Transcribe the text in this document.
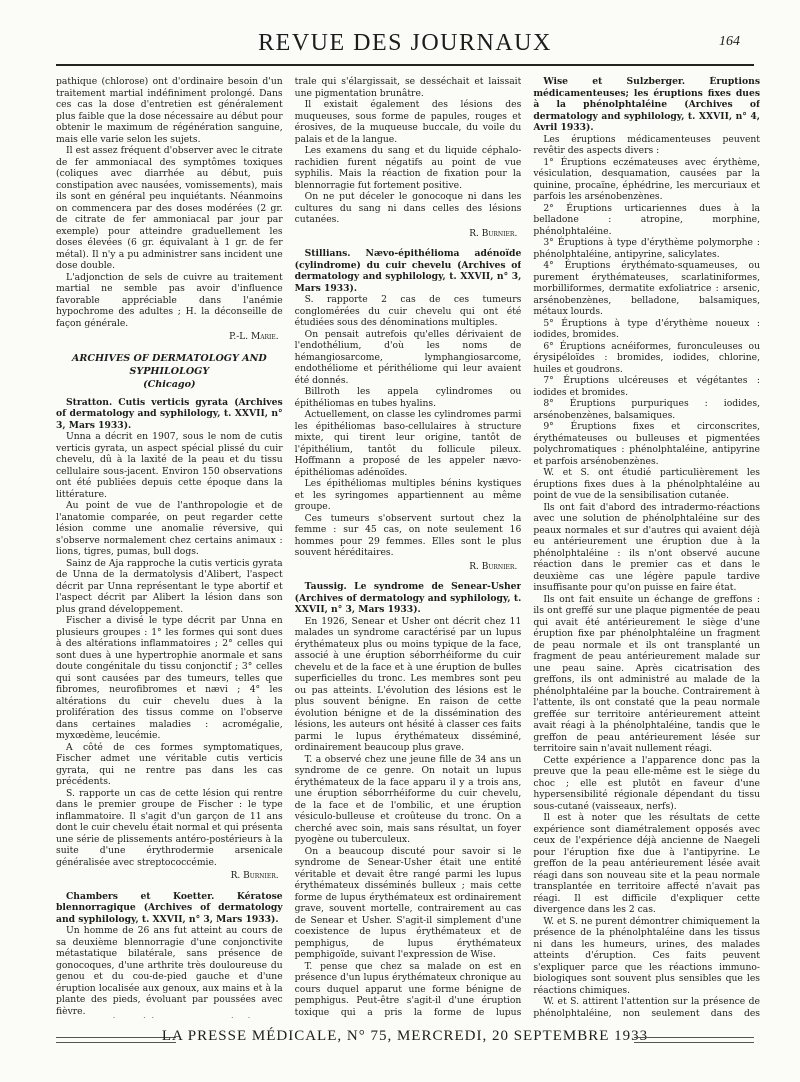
REVUE DES JOURNAUX	164

pathique (chlorose) ont d'ordinaire besoin d'un traitement martial indéfiniment prolongé. Dans ces cas la dose d'entretien est généralement plus faible que la dose nécessaire au début pour obtenir le maximum de régénération sanguine, mais elle varie selon les sujets.

Il est assez fréquent d'observer avec le citrate de fer ammoniacal des symptômes toxiques (coliques avec diarrhée au début, puis constipation avec nausées, vomissements), mais ils sont en général peu inquiétants. Néanmoins on commencera par des doses modérées (2 gr. de citrate de fer ammoniacal par jour par exemple) pour atteindre graduellement les doses élevées (6 gr. équivalant à 1 gr. de fer métal). Il n'y a pu administrer sans incident une dose double.

L'adjonction de sels de cuivre au traitement martial ne semble pas avoir d'influence favorable appréciable dans l'anémie hypochrome des adultes ; H. la déconseille de façon générale.

P.-L. Marie.

ARCHIVES OF DERMATOLOGY AND SYPHILOLOGY
(Chicago)

Stratton. Cutis verticis gyrata (Archives of dermatology and syphilology, t. XXVII, n° 3, Mars 1933).

Unna a décrit en 1907, sous le nom de cutis verticis gyrata, un aspect spécial plissé du cuir chevelu, dû à la laxité de la peau et du tissu cellulaire sous-jacent. Environ 150 observations ont été publiées depuis cette époque dans la littérature.

Au point de vue de l'anthropologie et de l'anatomie comparée, on peut regarder cette lésion comme une anomalie réversive, qui s'observe normalement chez certains animaux : lions, tigres, pumas, bull dogs.

Sainz de Aja rapproche la cutis verticis gyrata de Unna de la dermatolysis d'Alibert, l'aspect décrit par Unna représentant le type abortif et l'aspect décrit par Alibert la lésion dans son plus grand développement.

Fischer a divisé le type décrit par Unna en plusieurs groupes : 1° les formes qui sont dues à des altérations inflammatoires ; 2° celles qui sont dues à une hypertrophie anormale et sans doute congénitale du tissu conjonctif ; 3° celles qui sont causées par des tumeurs, telles que fibromes, neurofibromes et nævi ; 4° les altérations du cuir chevelu dues à la prolifération des tissus comme on l'observe dans certaines maladies : acromégalie, myxœdème, leucémie.

A côté de ces formes symptomatiques, Fischer admet une véritable cutis verticis gyrata, qui ne rentre pas dans les cas précédents.

S. rapporte un cas de cette lésion qui rentre dans le premier groupe de Fischer : le type inflammatoire. Il s'agit d'un garçon de 11 ans dont le cuir chevelu était normal et qui présenta une série de plissements antéro-postérieurs à la suite d'une érythrodermie arsenicale généralisée avec streptococcémie.

R. Burnier.

Chambers et Koetter. Kératose blennorragique (Archives of dermatology and syphilology, t. XXVII, n° 3, Mars 1933).

Un homme de 26 ans fut atteint au cours de sa deuxième blennorragie d'une conjonctivite métastatique bilatérale, sans présence de gonocoques, d'une arthrite très douloureuse du genou et du cou-de-pied gauche et d'une éruption localisée aux genoux, aux mains et à la plante des pieds, évoluant par poussées avec fièvre.

trale qui s'élargissait, se desséchait et laissait une pigmentation brunâtre.

Il existait également des lésions des muqueuses, sous forme de papules, rouges et érosives, de la muqueuse buccale, du voile du palais et de la langue.

Les examens du sang et du liquide céphalo-rachidien furent négatifs au point de vue syphilis. Mais la réaction de fixation pour la blennorragie fut fortement positive.

On ne put déceler le gonocoque ni dans les cultures du sang ni dans celles des lésions cutanées.

R. Burnier.

Stillians. Nævo-épithélioma adénoïde (cylindrome) du cuir chevelu (Archives of dermatology and syphilology, t. XXVII, n° 3, Mars 1933).

S. rapporte 2 cas de ces tumeurs conglomérées du cuir chevelu qui ont été étudiées sous des dénominations multiples.

On pensait autrefois qu'elles dérivaient de l'endothélium, d'où les noms de hémangiosarcome, lymphangiosarcome, endothéliome et périthéliome qui leur avaient été donnés.

Billroth les appela cylindromes ou épithéliomas en tubes hyalins.

Actuellement, on classe les cylindromes parmi les épithéliomas baso-cellulaires à structure mixte, qui tirent leur origine, tantôt de l'épithélium, tantôt du follicule pileux. Hoffmann a proposé de les appeler nævo-épithéliomas adénoïdes.

Les épithéliomas multiples bénins kystiques et les syringomes appartiennent au même groupe.

Ces tumeurs s'observent surtout chez la femme : sur 45 cas, on note seulement 16 hommes pour 29 femmes. Elles sont le plus souvent héréditaires.

R. Burnier.

Taussig. Le syndrome de Senear-Usher (Archives of dermatology and syphilology, t. XXVII, n° 3, Mars 1933).

En 1926, Senear et Usher ont décrit chez 11 malades un syndrome caractérisé par un lupus érythémateux plus ou moins typique de la face, associé à une éruption séborrhéiforme du cuir chevelu et de la face et à une éruption de bulles superficielles du tronc. Les membres sont peu ou pas atteints. L'évolution des lésions est le plus souvent bénigne. En raison de cette évolution bénigne et de la dissémination des lésions, les auteurs ont hésité à classer ces faits parmi le lupus érythémateux disséminé, ordinairement beaucoup plus grave.

T. a observé chez une jeune fille de 34 ans un syndrome de ce genre. On notait un lupus érythémateux de la face apparu il y a trois ans, une éruption séborrhéiforme du cuir chevelu, de la face et de l'ombilic, et une éruption vésiculo-bulleuse et croûteuse du tronc. On a cherché avec soin, mais sans résultat, un foyer pyogène ou tuberculeux.

On a beaucoup discuté pour savoir si le syndrome de Senear-Usher était une entité véritable et devait être rangé parmi les lupus érythémateux disséminés bulleux ; mais cette forme de lupus érythémateux est ordinairement grave, souvent mortelle, contrairement au cas de Senear et Usher. S'agit-il simplement d'une coexistence de lupus érythémateux et de pemphigus, de lupus érythémateux pemphigoïde, suivant l'expression de Wise.

T. pense que chez sa malade on est en présence d'un lupus érythémateux chronique au cours duquel apparut une forme bénigne de pemphigus. Peut-être s'agit-il d'une éruption toxique qui a pris la forme de lupus

Wise et Sulzberger. Éruptions médicamenteuses; les éruptions fixes dues à la phénolphtaléine (Archives of dermatology and syphilology, t. XXVII, n° 4, Avril 1933).

Les éruptions médicamenteuses peuvent revêtir des aspects divers :

1° Éruptions eczémateuses avec érythème, vésiculation, desquamation, causées par la quinine, procaïne, éphédrine, les mercuriaux et parfois les arsénobenzènes.

2° Éruptions urticariennes dues à la belladone : atropine, morphine, phénolphtaléine.

3° Éruptions à type d'érythème polymorphe : phénolphtaléine, antipyrine, salicylates.

4° Éruptions érythémato-squameuses, ou purement érythémateuses, scarlatiniformes, morbilliformes, dermatite exfoliatrice : arsenic, arsénobenzènes, belladone, balsamiques, métaux lourds.

5° Éruptions à type d'érythème noueux : iodides, bromides.

6° Éruptions acnéiformes, furonculeuses ou érysipéloïdes : bromides, iodides, chlorine, huiles et goudrons.

7° Éruptions ulcéreuses et végétantes : iodides et bromides.

8° Éruptions purpuriques : iodides, arsénobenzènes, balsamiques.

9° Éruptions fixes et circonscrites, érythémateuses ou bulleuses et pigmentées polychromatiques : phénolphtaléine, antipyrine et parfois arsénobenzènes.

W. et S. ont étudié particulièrement les éruptions fixes dues à la phénolphtaléine au point de vue de la sensibilisation cutanée.

Ils ont fait d'abord des intradermo-réactions avec une solution de phénolphtaléine sur des peaux normales et sur d'autres qui avaient déjà eu antérieurement une éruption due à la phénolphtaléine : ils n'ont observé aucune réaction dans le premier cas et dans le deuxième cas une légère papule tardive insuffisante pour qu'on puisse en faire état.

Ils ont fait ensuite un échange de greffons : ils ont greffé sur une plaque pigmentée de peau qui avait été antérieurement le siège d'une éruption fixe par phénolphtaléine un fragment de peau normale et ils ont transplanté un fragment de peau antérieurement malade sur une peau saine. Après cicatrisation des greffons, ils ont administré au malade de la phénolphtaléine par la bouche. Contrairement à l'attente, ils ont constaté que la peau normale greffée sur territoire antérieurement atteint avait réagi à la phénolphtaléine, tandis que le greffon de peau antérieurement lésée sur territoire sain n'avait nullement réagi.

Cette expérience a l'apparence donc pas la preuve que la peau elle-même est le siège du choc ; elle est plutôt en faveur d'une hypersensibilité régionale dépendant du tissu sous-cutané (vaisseaux, nerfs).

Il est à noter que les résultats de cette expérience sont diamétralement opposés avec ceux de l'expérience déjà ancienne de Naegeli pour l'éruption fixe due à l'antipyrine. Le greffon de la peau antérieurement lésée avait réagi dans son nouveau site et la peau normale transplantée en territoire affecté n'avait pas réagi. Il est difficile d'expliquer cette divergence dans les 2 cas.

W. et S. ne purent démontrer chimiquement la présence de la phénolphtaléine dans les tissus ni dans les humeurs, urines, des malades atteints d'éruption. Ces faits peuvent s'expliquer parce que les réactions immuno-biologiques sont souvent plus sensibles que les réactions chimiques.

W. et S. attirent l'attention sur la présence de phénolphtaléine, non seulement dans des

LA PRESSE MÉDICALE, N° 75, MERCREDI, 20 SEPTEMBRE 1933
